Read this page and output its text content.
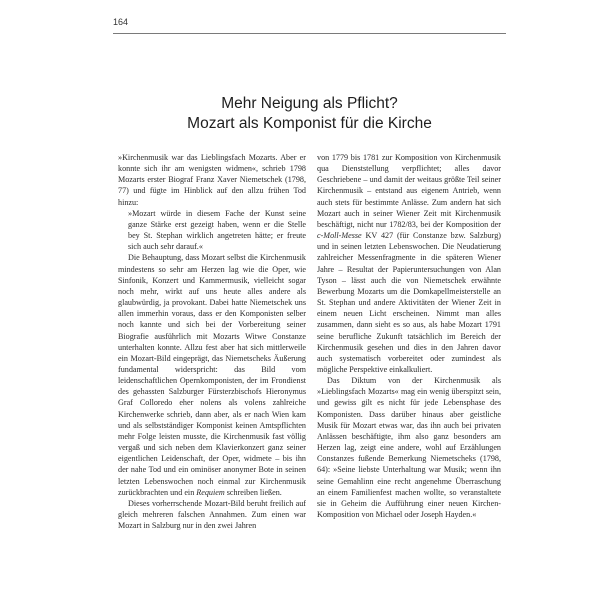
164
Mehr Neigung als Pflicht?
Mozart als Komponist für die Kirche

»Kirchenmusik war das Lieblingsfach Mozarts. Aber er konnte sich ihr am wenigsten widmen«, schrieb 1798 Mozarts erster Biograf Franz Xaver Niemetschek (1798, 77) und fügte im Hinblick auf den allzu frühen Tod hinzu:

»Mozart würde in diesem Fache der Kunst seine ganze Stärke erst gezeigt haben, wenn er die Stelle bey St. Stephan wirklich angetreten hätte; er freute sich auch sehr darauf.«

Die Behauptung, dass Mozart selbst die Kirchenmusik mindestens so sehr am Herzen lag wie die Oper, wie Sinfonik, Konzert und Kammermusik, vielleicht sogar noch mehr, wirkt auf uns heute alles andere als glaubwürdig, ja provokant. Dabei hatte Niemetschek uns allen immerhin voraus, dass er den Komponisten selber noch kannte und sich bei der Vorbereitung seiner Biografie ausführlich mit Mozarts Witwe Constanze unterhalten konnte. Allzu fest aber hat sich mittlerweile ein Mozart-Bild eingeprägt, das Niemetscheks Äußerung fundamental widerspricht: das Bild vom leidenschaftlichen Opernkomponisten, der im Frondienst des gehassten Salzburger Fürsterzbischofs Hieronymus Graf Colloredo eher nolens als volens zahlreiche Kirchenwerke schrieb, dann aber, als er nach Wien kam und als selbstständiger Komponist keinen Amtspflichten mehr Folge leisten musste, die Kirchenmusik fast völlig vergaß und sich neben dem Klavierkonzert ganz seiner eigentlichen Leidenschaft, der Oper, widmete – bis ihn der nahe Tod und ein ominöser anonymer Bote in seinen letzten Lebenswochen noch einmal zur Kirchenmusik zurückbrachten und ein Requiem schreiben ließen.

Dieses vorherrschende Mozart-Bild beruht freilich auf gleich mehreren falschen Annahmen. Zum einen war Mozart in Salzburg nur in den zwei Jahren

von 1779 bis 1781 zur Komposition von Kirchenmusik qua Dienststellung verpflichtet; alles davor Geschriebene – und damit der weitaus größte Teil seiner Kirchenmusik – entstand aus eigenem Antrieb, wenn auch stets für bestimmte Anlässe. Zum andern hat sich Mozart auch in seiner Wiener Zeit mit Kirchenmusik beschäftigt, nicht nur 1782/83, bei der Komposition der c-Moll-Messe KV 427 (für Constanze bzw. Salzburg) und in seinen letzten Lebenswochen. Die Neudatierung zahlreicher Messenfragmente in die späteren Wiener Jahre – Resultat der Papieruntersuchungen von Alan Tyson – lässt auch die von Niemetschek erwähnte Bewerbung Mozarts um die Domkapellmeisterstelle an St. Stephan und andere Aktivitäten der Wiener Zeit in einem neuen Licht erscheinen. Nimmt man alles zusammen, dann sieht es so aus, als habe Mozart 1791 seine berufliche Zukunft tatsächlich im Bereich der Kirchenmusik gesehen und dies in den Jahren davor auch systematisch vorbereitet oder zumindest als mögliche Perspektive einkalkuliert.

Das Diktum von der Kirchenmusik als »Lieblingsfach Mozarts« mag ein wenig überspitzt sein, und gewiss gilt es nicht für jede Lebensphase des Komponisten. Dass darüber hinaus aber geistliche Musik für Mozart etwas war, das ihn auch bei privaten Anlässen beschäftigte, ihm also ganz besonders am Herzen lag, zeigt eine andere, wohl auf Erzählungen Constanzes fußende Bemerkung Niemetscheks (1798, 64): »Seine liebste Unterhaltung war Musik; wenn ihn seine Gemahlinn eine recht angenehme Überraschung an einem Familienfest machen wollte, so veranstaltete sie in Geheim die Aufführung einer neuen Kirchen-Komposition von Michael oder Joseph Hayden.«
